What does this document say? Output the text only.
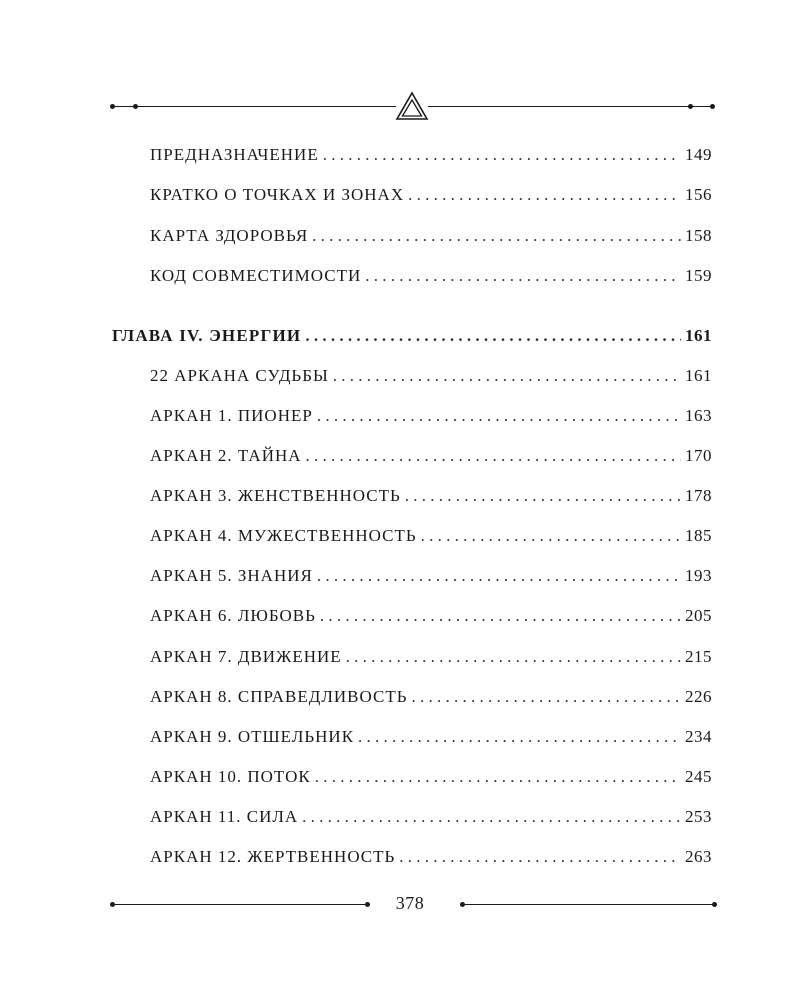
ПРЕДНАЗНАЧЕНИЕ . . .	149
КРАТКО О ТОЧКАХ И ЗОНАХ . . .	156
КАРТА ЗДОРОВЬЯ . . .	158
КОД СОВМЕСТИМОСТИ . . .	159
ГЛАВА IV. ЭНЕРГИИ . . .	161
22 АРКАНА СУДЬБЫ . . .	161
АРКАН 1. ПИОНЕР . . .	163
АРКАН 2. ТАЙНА . . .	170
АРКАН 3. ЖЕНСТВЕННОСТЬ . . .	178
АРКАН 4. МУЖЕСТВЕННОСТЬ . . .	185
АРКАН 5. ЗНАНИЯ . . .	193
АРКАН 6. ЛЮБОВЬ . . .	205
АРКАН 7. ДВИЖЕНИЕ . . .	215
АРКАН 8. СПРАВЕДЛИВОСТЬ . . .	226
АРКАН 9. ОТШЕЛЬНИК . . .	234
АРКАН 10. ПОТОК . . .	245
АРКАН 11. СИЛА . . .	253
АРКАН 12. ЖЕРТВЕННОСТЬ . . .	263
378
